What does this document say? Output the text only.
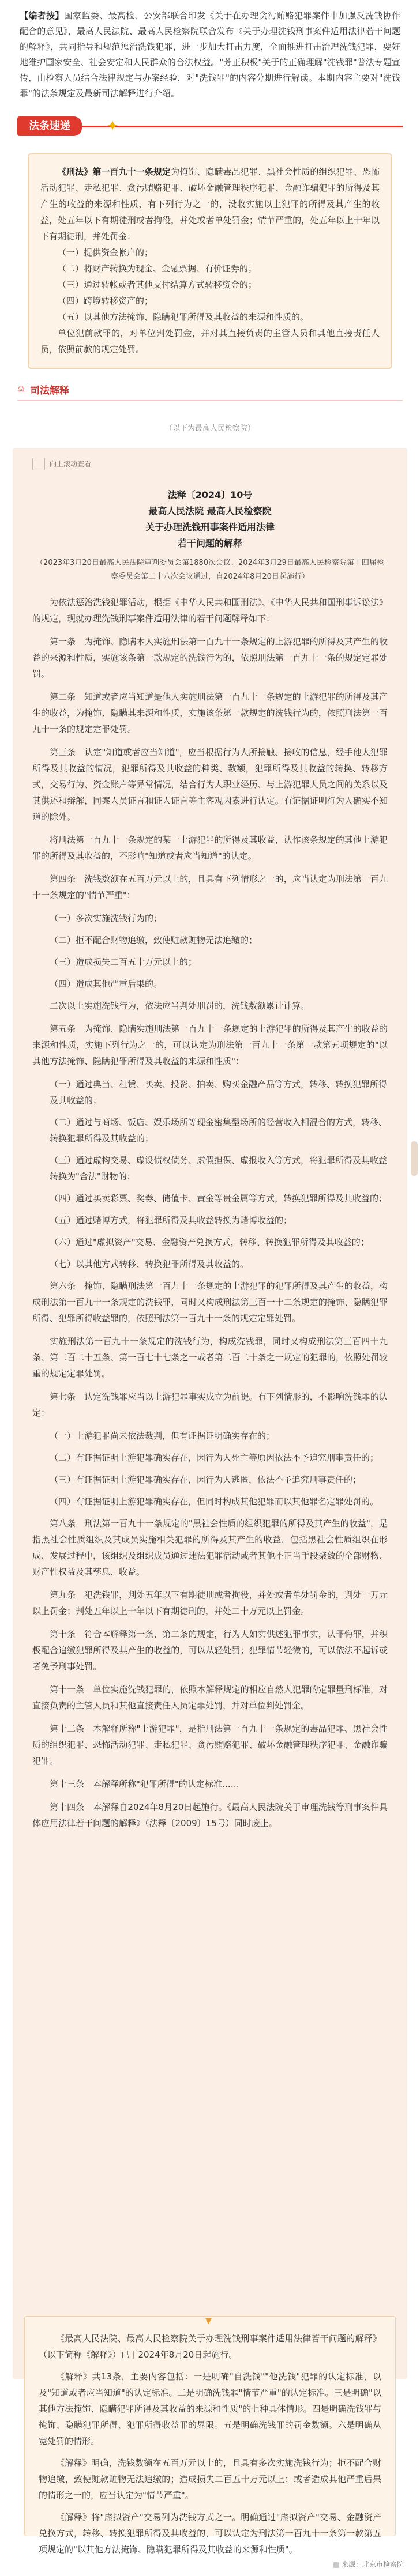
【编者按】国家监委、最高检、公安部联合印发《关于在办理贪污贿赂犯罪案件中加强反洗钱协作配合的意见》，最高人民法院、最高人民检察院联合发布《关于办理洗钱刑事案件适用法律若干问题的解释》，共同指导和规范惩治洗钱犯罪，进一步加大打击力度，全面推进打击治理洗钱犯罪，要好地维护国家安全、社会安定和人民群众的合法权益。"芳正积极"关于的正确理解"洗钱罪"普法专题宣传，由检察人员结合法律规定与办案经验，对"洗钱罪"的内容分期进行解读。本期内容主要对"洗钱罪"的法条规定及最新司法解释进行介绍。
法条速递	✦

《刑法》第一百九十一条规定为掩饰、隐瞒毒品犯罪、黑社会性质的组织犯罪、恐怖活动犯罪、走私犯罪、贪污贿赂犯罪、破坏金融管理秩序犯罪、金融诈骗犯罪的所得及其产生的收益的来源和性质，有下列行为之一的，没收实施以上犯罪的所得及其产生的收益，处五年以下有期徒刑或者拘役，并处或者单处罚金；情节严重的，处五年以上十年以下有期徒刑，并处罚金：

（一）提供资金帐户的；

（二）将财产转换为现金、金融票据、有价证券的；

（三）通过转帐或者其他支付结算方式转移资金的；

（四）跨境转移资产的；

（五）以其他方法掩饰、隐瞒犯罪所得及其收益的来源和性质的。

单位犯前款罪的，对单位判处罚金，并对其直接负责的主管人员和其他直接责任人员，依照前款的规定处罚。

⚖ 司法解释
（以下为最高人民检察院）
向上滚动查看
法释〔2024〕10号
最高人民法院 最高人民检察院
关于办理洗钱刑事案件适用法律
若干问题的解释
（2023年3月20日最高人民法院审判委员会第1880次会议、2024年3月29日最高人民检察院第十四届检察委员会第二十八次会议通过，自2024年8月20日起施行）

为依法惩治洗钱犯罪活动，根据《中华人民共和国刑法》、《中华人民共和国刑事诉讼法》的规定，现就办理洗钱刑事案件适用法律的若干问题解释如下：

第一条　为掩饰、隐瞒本人实施刑法第一百九十一条规定的上游犯罪的所得及其产生的收益的来源和性质，实施该条第一款规定的洗钱行为的，依照刑法第一百九十一条的规定定罪处罚。

第二条　知道或者应当知道是他人实施刑法第一百九十一条规定的上游犯罪的所得及其产生的收益，为掩饰、隐瞒其来源和性质，实施该条第一款规定的洗钱行为的，依照刑法第一百九十一条的规定定罪处罚。

第三条　认定"知道或者应当知道"，应当根据行为人所接触、接收的信息，经手他人犯罪所得及其收益的情况，犯罪所得及其收益的种类、数额，犯罪所得及其收益的转换、转移方式，交易行为、资金账户等异常情况，结合行为人职业经历、与上游犯罪人员之间的关系以及其供述和辩解，同案人员证言和证人证言等主客观因素进行认定。有证据证明行为人确实不知道的除外。

将刑法第一百九十一条规定的某一上游犯罪的所得及其收益，认作该条规定的其他上游犯罪的所得及其收益的，不影响"知道或者应当知道"的认定。

第四条　洗钱数额在五百万元以上的，且具有下列情形之一的，应当认定为刑法第一百九十一条规定的"情节严重"：

（一）多次实施洗钱行为的；

（二）拒不配合财物追缴，致使赃款赃物无法追缴的；

（三）造成损失二百五十万元以上的；

（四）造成其他严重后果的。

二次以上实施洗钱行为，依法应当判处刑罚的，洗钱数额累计计算。

第五条　为掩饰、隐瞒实施刑法第一百九十一条规定的上游犯罪的所得及其产生的收益的来源和性质，实施下列行为之一的，可以认定为刑法第一百九十一条第一款第五项规定的"以其他方法掩饰、隐瞒犯罪所得及其收益的来源和性质"：

（一）通过典当、租赁、买卖、投资、拍卖、购买金融产品等方式，转移、转换犯罪所得及其收益的；

（二）通过与商场、饭店、娱乐场所等现金密集型场所的经营收入相混合的方式，转移、转换犯罪所得及其收益的；

（三）通过虚构交易、虚设债权债务、虚假担保、虚报收入等方式，将犯罪所得及其收益转换为"合法"财物的；

（四）通过买卖彩票、奖券、储值卡、黄金等贵金属等方式，转换犯罪所得及其收益的；

（五）通过赌博方式，将犯罪所得及其收益转换为赌博收益的；

（六）通过"虚拟资产"交易、金融资产兑换方式，转移、转换犯罪所得及其收益的；

（七）以其他方式转移、转换犯罪所得及其收益的。

第六条　掩饰、隐瞒刑法第一百九十一条规定的上游犯罪的犯罪所得及其产生的收益，构成刑法第一百九十一条规定的洗钱罪，同时又构成刑法第三百一十二条规定的掩饰、隐瞒犯罪所得、犯罪所得收益罪的，依照刑法第一百九十一条的规定定罪处罚。

实施刑法第一百九十一条规定的洗钱行为，构成洗钱罪，同时又构成刑法第三百四十九条、第二百二十五条、第一百七十七条之一或者第二百二十条之一规定的犯罪的，依照处罚较重的规定定罪处罚。

第七条　认定洗钱罪应当以上游犯罪事实成立为前提。有下列情形的，不影响洗钱罪的认定：

（一）上游犯罪尚未依法裁判，但有证据证明确实存在的；

（二）有证据证明上游犯罪确实存在，因行为人死亡等原因依法不予追究刑事责任的；

（三）有证据证明上游犯罪确实存在，因行为人逃匿，依法不予追究刑事责任的；

（四）有证据证明上游犯罪确实存在，但同时构成其他犯罪而以其他罪名定罪处罚的。

第八条　刑法第一百九十一条规定的"黑社会性质的组织犯罪的所得及其产生的收益"，是指黑社会性质组织及其成员实施相关犯罪的所得及其产生的收益，包括黑社会性质组织在形成、发展过程中，该组织及组织成员通过违法犯罪活动或者其他不正当手段聚敛的全部财物、财产性权益及其孳息、收益。

第九条　犯洗钱罪，判处五年以下有期徒刑或者拘役，并处或者单处罚金的，判处一万元以上罚金；判处五年以上十年以下有期徒刑的，并处二十万元以上罚金。

第十条　符合本解释第一条、第二条的规定，行为人如实供述犯罪事实，认罪悔罪，并积极配合追缴犯罪所得及其产生的收益的，可以从轻处罚；犯罪情节轻微的，可以依法不起诉或者免予刑事处罚。

第十一条　单位实施洗钱犯罪的，依照本解释规定的相应自然人犯罪的定罪量刑标准，对直接负责的主管人员和其他直接责任人员定罪处罚，并对单位判处罚金。

第十二条　本解释所称"上游犯罪"，是指刑法第一百九十一条规定的毒品犯罪、黑社会性质的组织犯罪、恐怖活动犯罪、走私犯罪、贪污贿赂犯罪、破坏金融管理秩序犯罪、金融诈骗犯罪。

第十三条　本解释所称"犯罪所得"的认定标准……

第十四条　本解释自2024年8月20日起施行。《最高人民法院关于审理洗钱等刑事案件具体应用法律若干问题的解释》（法释〔2009〕15号）同时废止。

▼

《最高人民法院、最高人民检察院关于办理洗钱刑事案件适用法律若干问题的解释》（以下简称《解释》）已于2024年8月20日起施行。

《解释》共13条，主要内容包括：一是明确"自洗钱""他洗钱"犯罪的认定标准，以及"知道或者应当知道"的认定标准。二是明确洗钱罪"情节严重"的认定标准。三是明确"以其他方法掩饰、隐瞒犯罪所得及其收益的来源和性质"的七种具体情形。四是明确洗钱罪与掩饰、隐瞒犯罪所得、犯罪所得收益罪的界限。五是明确洗钱罪的罚金数额。六是明确从宽处罚的情形。

《解释》明确，洗钱数额在五百万元以上的，且具有多次实施洗钱行为；拒不配合财物追缴，致使赃款赃物无法追缴的；造成损失二百五十万元以上；或者造成其他严重后果的情形之一的，应当认定为"情节严重"。

《解释》将"虚拟资产"交易列为洗钱方式之一。明确通过"虚拟资产"交易、金融资产兑换方式，转移、转换犯罪所得及其收益的，可以认定为刑法第一百九十一条第一款第五项规定的"以其他方法掩饰、隐瞒犯罪所得及其收益的来源和性质"。

来源：北京市检察院
